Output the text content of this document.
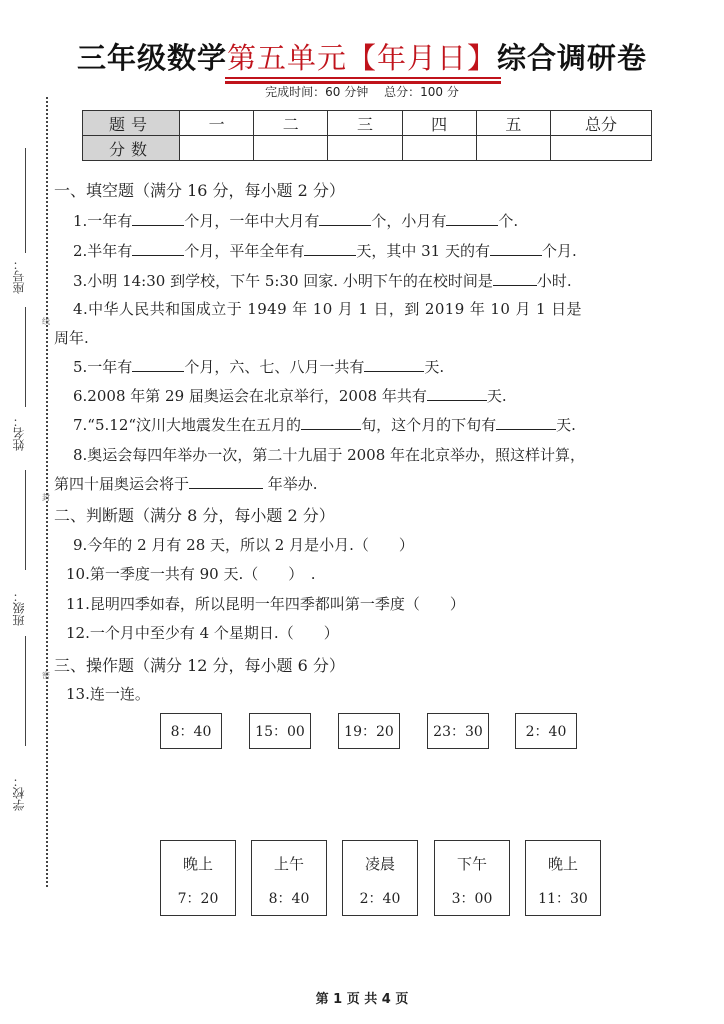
三年级数学第五单元【年月日】综合调研卷
完成时间：60 分钟 总分：100 分
题号	一	二	三	四	五	总分
分数						
座号：
姓名：
班级：
学校：
线
封
密
一、填空题（满分 16 分，每小题 2 分）
1.一年有	个月，一年中大月有	个，小月有	个.
2.半年有	个月，平年全年有	天，其中 31 天的有	个月.
3.小明 14:30 到学校，下午 5:30 回家. 小明下午的在校时间是	小时.
4.中华人民共和国成立于 1949 年 10 月 1 日，到 2019 年 10 月 1 日是
周年.
5.一年有	个月，六、七、八月一共有	天.
6.2008 年第 29 届奥运会在北京举行，2008 年共有	天.
7.“5.12“汶川大地震发生在五月的	旬，这个月的下旬有	天.
8.奥运会每四年举办一次，第二十九届于 2008 年在北京举办，照这样计算，
第四十届奥运会将于	年举办.
二、判断题（满分 8 分，每小题 2 分）
9.今年的 2 月有 28 天，所以 2 月是小月.（　　）
10.第一季度一共有 90 天.（　　）　.
11.昆明四季如春，所以昆明一年四季都叫第一季度（　　）
12.一个月中至少有 4 个星期日.（　　）
三、操作题（满分 12 分，每小题 6 分）
13.连一连。
8：40	15：00	19：20	23：30	2：40
晚上
7：20
上午
8：40
凌晨
2：40
下午
3：00
晚上
11：30
第 1 页 共 4 页
